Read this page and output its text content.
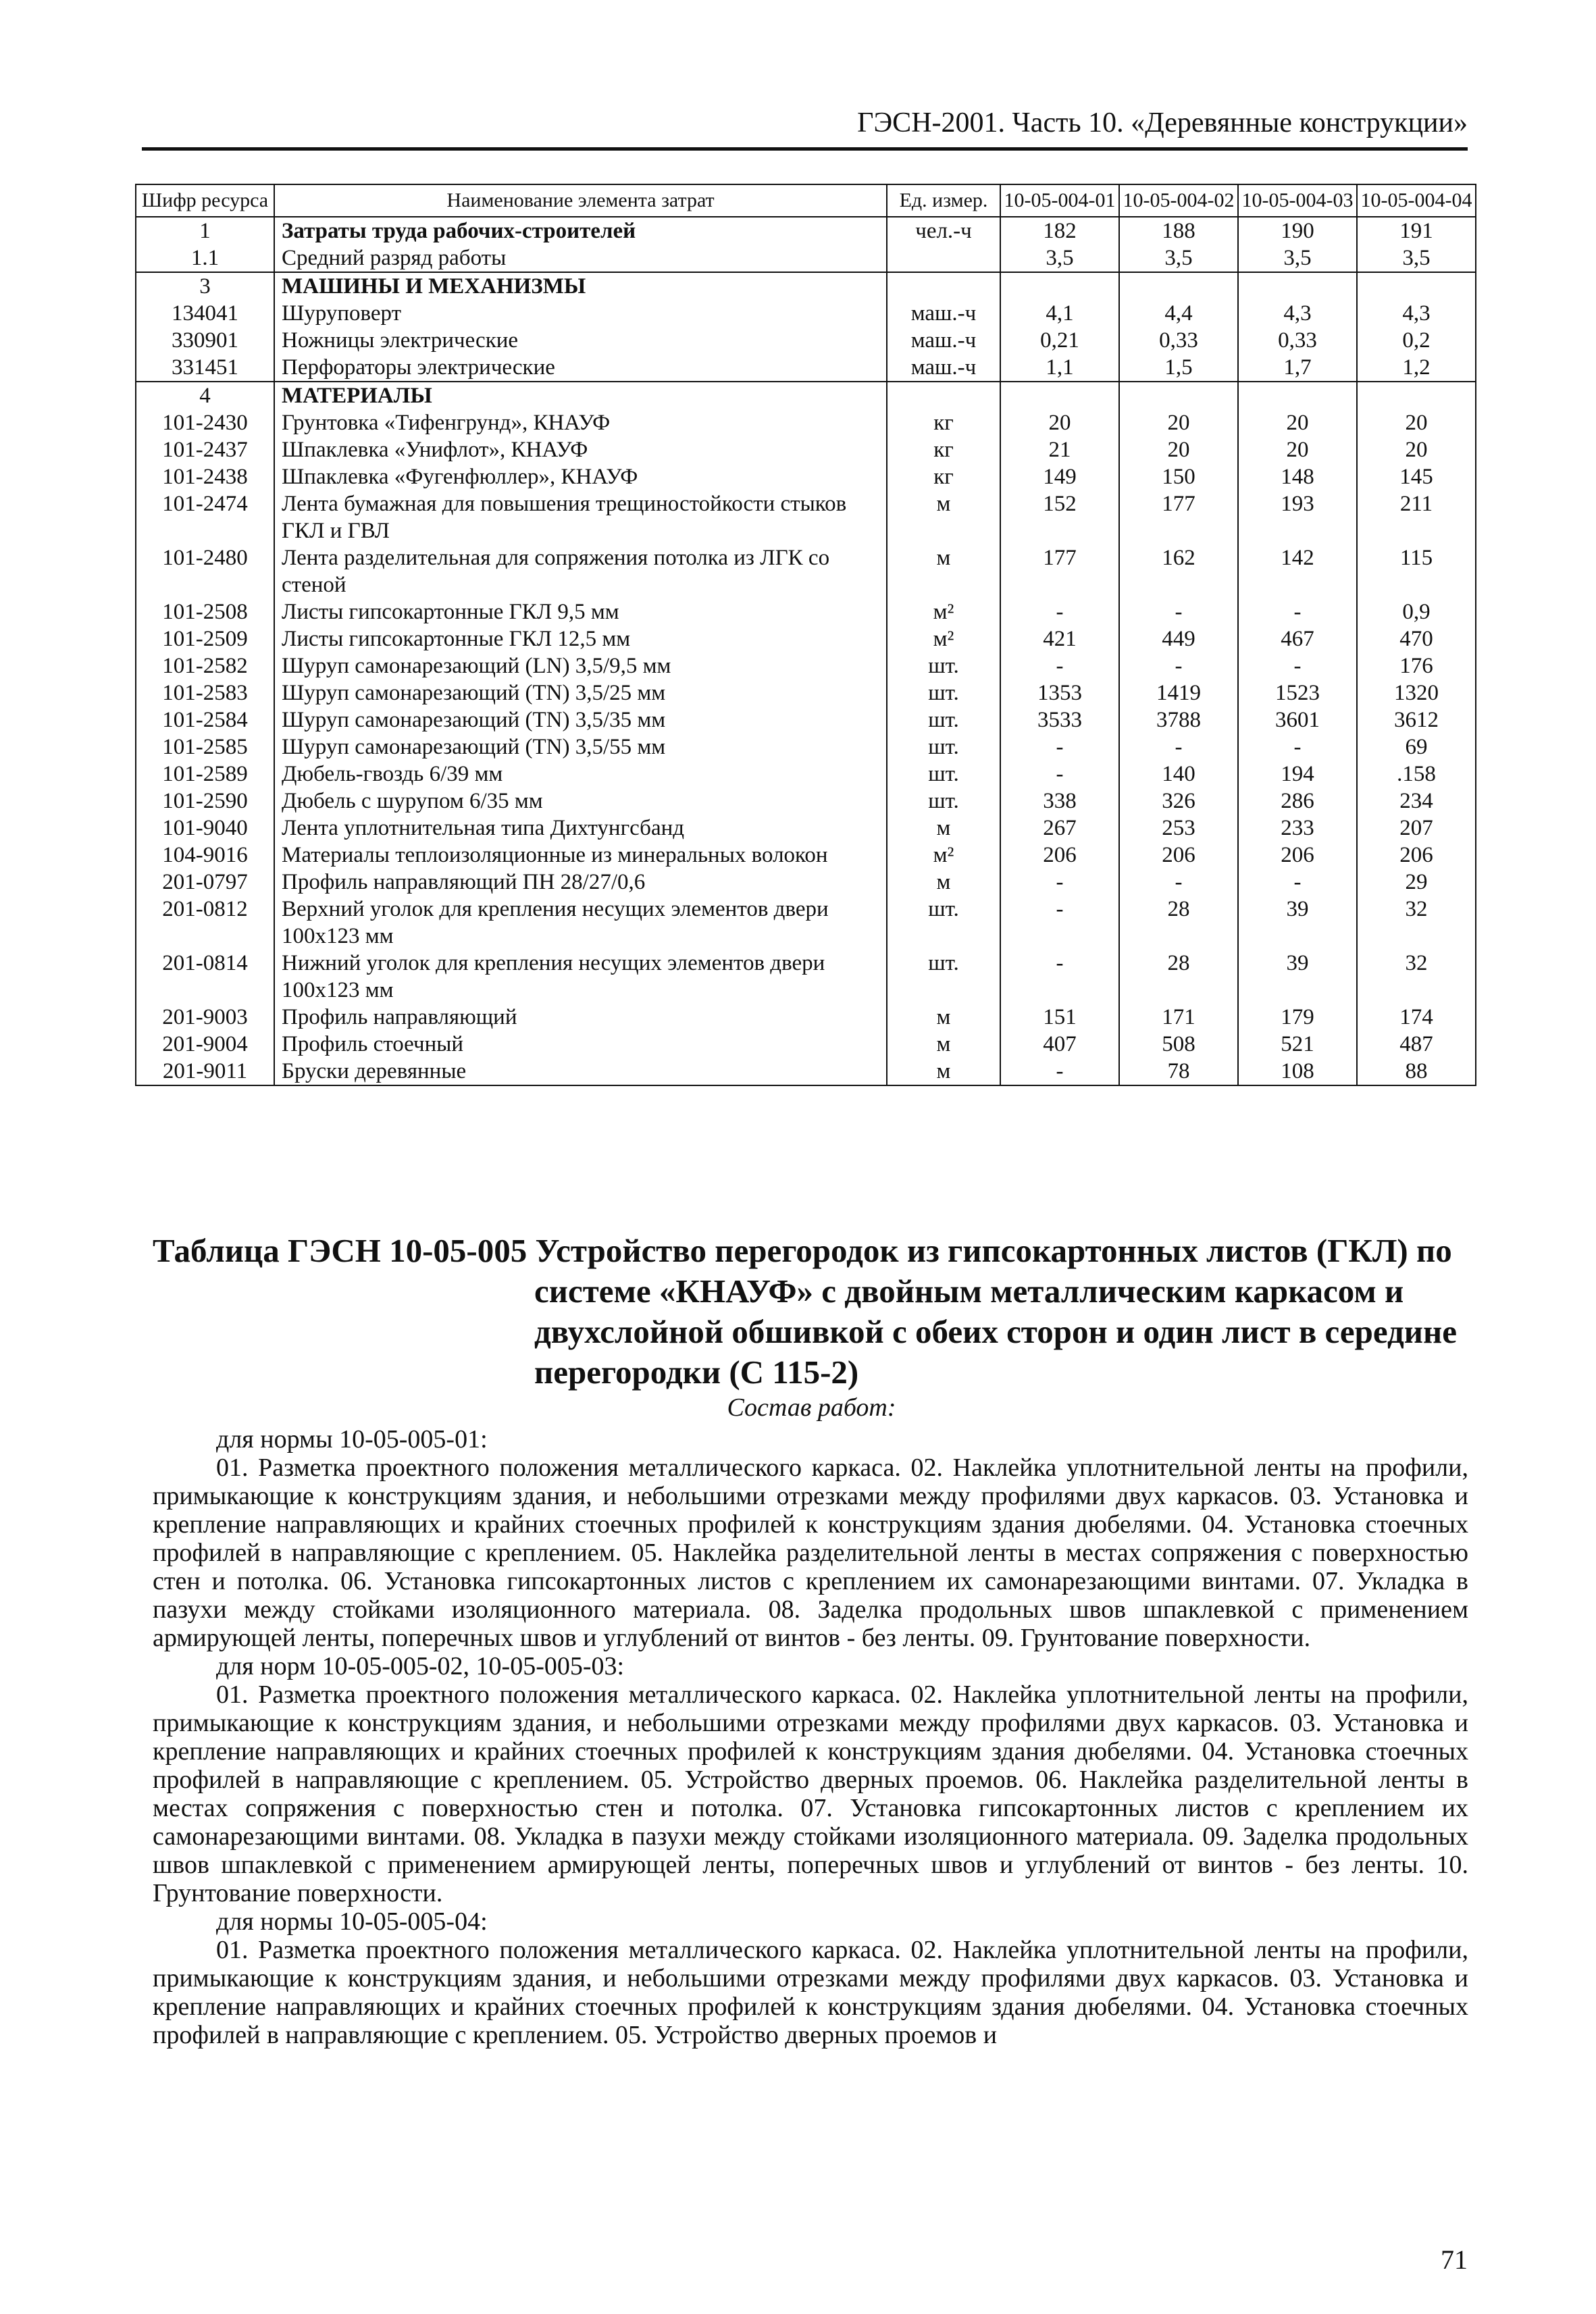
ГЭСН-2001. Часть 10. «Деревянные конструкции»
Шифр ресурса	Наименование элемента затрат	Ед. измер.	10-05-004-01	10-05-004-02	10-05-004-03	10-05-004-04
1	Затраты труда рабочих-строителей	чел.-ч	182	188	190	191
1.1	Средний разряд работы		3,5	3,5	3,5	3,5
3	МАШИНЫ И МЕХАНИЗМЫ					
134041	Шуруповерт	маш.-ч	4,1	4,4	4,3	4,3
330901	Ножницы электрические	маш.-ч	0,21	0,33	0,33	0,2
331451	Перфораторы электрические	маш.-ч	1,1	1,5	1,7	1,2
4	МАТЕРИАЛЫ					
101-2430	Грунтовка «Тифенгрунд», КНАУФ	кг	20	20	20	20
101-2437	Шпаклевка «Унифлот», КНАУФ	кг	21	20	20	20
101-2438	Шпаклевка «Фугенфюллер», КНАУФ	кг	149	150	148	145
101-2474	Лента бумажная для повышения трещиностойкости стыков ГКЛ и ГВЛ	м	152	177	193	211
101-2480	Лента разделительная для сопряжения потолка из ЛГК со стеной	м	177	162	142	115
101-2508	Листы гипсокартонные ГКЛ 9,5 мм	м²	-	-	-	0,9
101-2509	Листы гипсокартонные ГКЛ 12,5 мм	м²	421	449	467	470
101-2582	Шуруп самонарезающий (LN) 3,5/9,5 мм	шт.	-	-	-	176
101-2583	Шуруп самонарезающий (TN) 3,5/25 мм	шт.	1353	1419	1523	1320
101-2584	Шуруп самонарезающий (TN) 3,5/35 мм	шт.	3533	3788	3601	3612
101-2585	Шуруп самонарезающий (TN) 3,5/55 мм	шт.	-	-	-	69
101-2589	Дюбель-гвоздь 6/39 мм	шт.	-	140	194	.158
101-2590	Дюбель с шурупом 6/35 мм	шт.	338	326	286	234
101-9040	Лента уплотнительная типа Дихтунгсбанд	м	267	253	233	207
104-9016	Материалы теплоизоляционные из минеральных волокон	м²	206	206	206	206
201-0797	Профиль направляющий ПН 28/27/0,6	м	-	-	-	29
201-0812	Верхний уголок для крепления несущих элементов двери 100x123 мм	шт.	-	28	39	32
201-0814	Нижний уголок для крепления несущих элементов двери 100x123 мм	шт.	-	28	39	32
201-9003	Профиль направляющий	м	151	171	179	174
201-9004	Профиль стоечный	м	407	508	521	487
201-9011	Бруски деревянные	м	-	78	108	88
Таблица ГЭСН 10-05-005 Устройство перегородок из гипсокартонных листов (ГКЛ) по
системе «КНАУФ» с двойным металлическим каркасом и двухслойной обшивкой с обеих сторон и один лист в середине перегородки (С 115-2)
Состав работ:
для нормы 10-05-005-01:
01. Разметка проектного положения металлического каркаса. 02. Наклейка уплотнительной ленты на профили, примыкающие к конструкциям здания, и небольшими отрезками между профилями двух каркасов. 03. Установка и крепление направляющих и крайних стоечных профилей к конструкциям здания дюбелями. 04. Установка стоечных профилей в направляющие с креплением. 05. Наклейка разделительной ленты в местах сопряжения с поверхностью стен и потолка. 06. Установка гипсокартонных листов с креплением их самонарезающими винтами. 07. Укладка в пазухи между стойками изоляционного материала. 08. Заделка продольных швов шпаклевкой с применением армирующей ленты, поперечных швов и углублений от винтов - без ленты. 09. Грунтование поверхности.
для норм 10-05-005-02, 10-05-005-03:
01. Разметка проектного положения металлического каркаса. 02. Наклейка уплотнительной ленты на профили, примыкающие к конструкциям здания, и небольшими отрезками между профилями двух каркасов. 03. Установка и крепление направляющих и крайних стоечных профилей к конструкциям здания дюбелями. 04. Установка стоечных профилей в направляющие с креплением. 05. Устройство дверных проемов. 06. Наклейка разделительной ленты в местах сопряжения с поверхностью стен и потолка. 07. Установка гипсокартонных листов с креплением их самонарезающими винтами. 08. Укладка в пазухи между стойками изоляционного материала. 09. Заделка продольных швов шпаклевкой с применением армирующей ленты, поперечных швов и углублений от винтов - без ленты. 10. Грунтование поверхности.
для нормы 10-05-005-04:
01. Разметка проектного положения металлического каркаса. 02. Наклейка уплотнительной ленты на профили, примыкающие к конструкциям здания, и небольшими отрезками между профилями двух каркасов. 03. Установка и крепление направляющих и крайних стоечных профилей к конструкциям здания дюбелями. 04. Установка стоечных профилей в направляющие с креплением. 05. Устройство дверных проемов и
71
